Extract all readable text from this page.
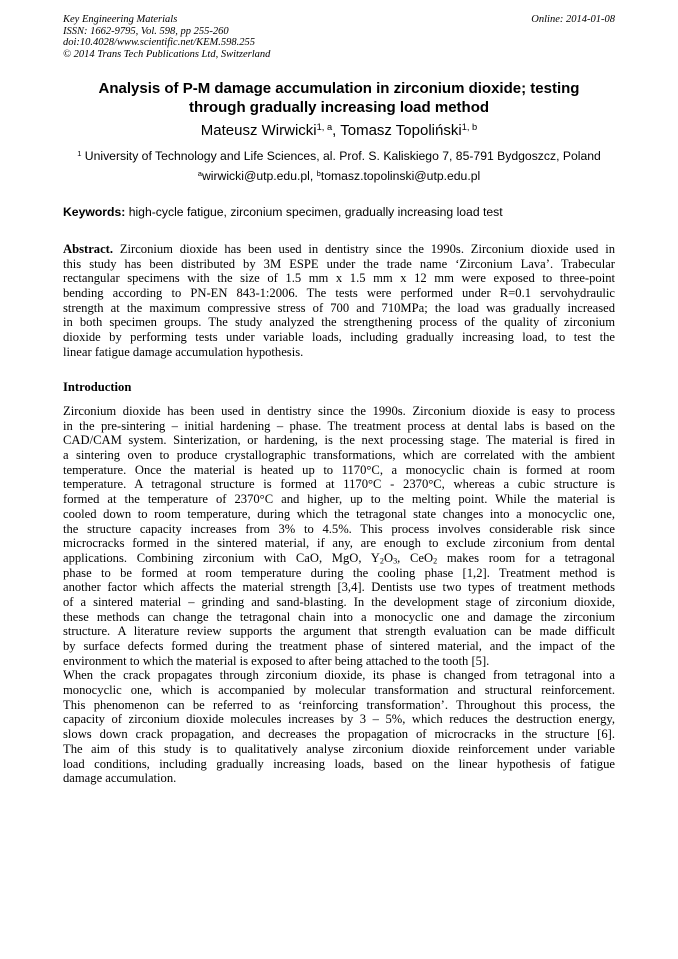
Key Engineering Materials
ISSN: 1662-9795, Vol. 598, pp 255-260
doi:10.4028/www.scientific.net/KEM.598.255
© 2014 Trans Tech Publications Ltd, Switzerland
Online: 2014-01-08
Analysis of P-M damage accumulation in zirconium dioxide; testing
through gradually increasing load method
Mateusz Wirwicki$^{1, a}$, Tomasz Topoliński$^{1, b}$
$^1$ University of Technology and Life Sciences, al. Prof. S. Kaliskiego 7, 85-791 Bydgoszcz, Poland
$^a$wirwicki@utp.edu.pl, $^b$tomasz.topolinski@utp.edu.pl
Keywords: high-cycle fatigue, zirconium specimen, gradually increasing load test
Abstract. Zirconium dioxide has been used in dentistry since the 1990s. Zirconium dioxide used in
this study has been distributed by 3M ESPE under the trade name ‘Zirconium Lava’. Trabecular
rectangular specimens with the size of 1.5 mm x 1.5 mm x 12 mm were exposed to three-point
bending according to PN-EN 843-1:2006. The tests were performed under R=0.1 servohydraulic
strength at the maximum compressive stress of 700 and 710MPa; the load was gradually increased
in both specimen groups. The study analyzed the strengthening process of the quality of zirconium
dioxide by performing tests under variable loads, including gradually increasing load, to test the
linear fatigue damage accumulation hypothesis.
Introduction
Zirconium dioxide has been used in dentistry since the 1990s. Zirconium dioxide is easy to process
in the pre-sintering – initial hardening – phase. The treatment process at dental labs is based on the
CAD/CAM system. Sinterization, or hardening, is the next processing stage. The material is fired in
a sintering oven to produce crystallographic transformations, which are correlated with the ambient
temperature. Once the material is heated up to 1170°C, a monocyclic chain is formed at room
temperature. A tetragonal structure is formed at 1170°C - 2370°C, whereas a cubic structure is
formed at the temperature of 2370°C and higher, up to the melting point. While the material is
cooled down to room temperature, during which the tetragonal state changes into a monocyclic one,
the structure capacity increases from 3% to 4.5%. This process involves considerable risk since
microcracks formed in the sintered material, if any, are enough to exclude zirconium from dental
applications. Combining zirconium with CaO, MgO, $Y_2O_3$, CeO$_2$ makes room for a tetragonal
phase to be formed at room temperature during the cooling phase [1,2]. Treatment method is
another factor which affects the material strength [3,4]. Dentists use two types of treatment methods
of a sintered material – grinding and sand-blasting. In the development stage of zirconium dioxide,
these methods can change the tetragonal chain into a monocyclic one and damage the zirconium
structure. A literature review supports the argument that strength evaluation can be made difficult
by surface defects formed during the treatment phase of sintered material, and the impact of the
environment to which the material is exposed to after being attached to the tooth [5].
When the crack propagates through zirconium dioxide, its phase is changed from tetragonal into a
monocyclic one, which is accompanied by molecular transformation and structural reinforcement.
This phenomenon can be referred to as ‘reinforcing transformation’. Throughout this process, the
capacity of zirconium dioxide molecules increases by 3 – 5%, which reduces the destruction energy,
slows down crack propagation, and decreases the propagation of microcracks in the structure [6].
The aim of this study is to qualitatively analyse zirconium dioxide reinforcement under variable
load conditions, including gradually increasing loads, based on the linear hypothesis of fatigue
damage accumulation.
